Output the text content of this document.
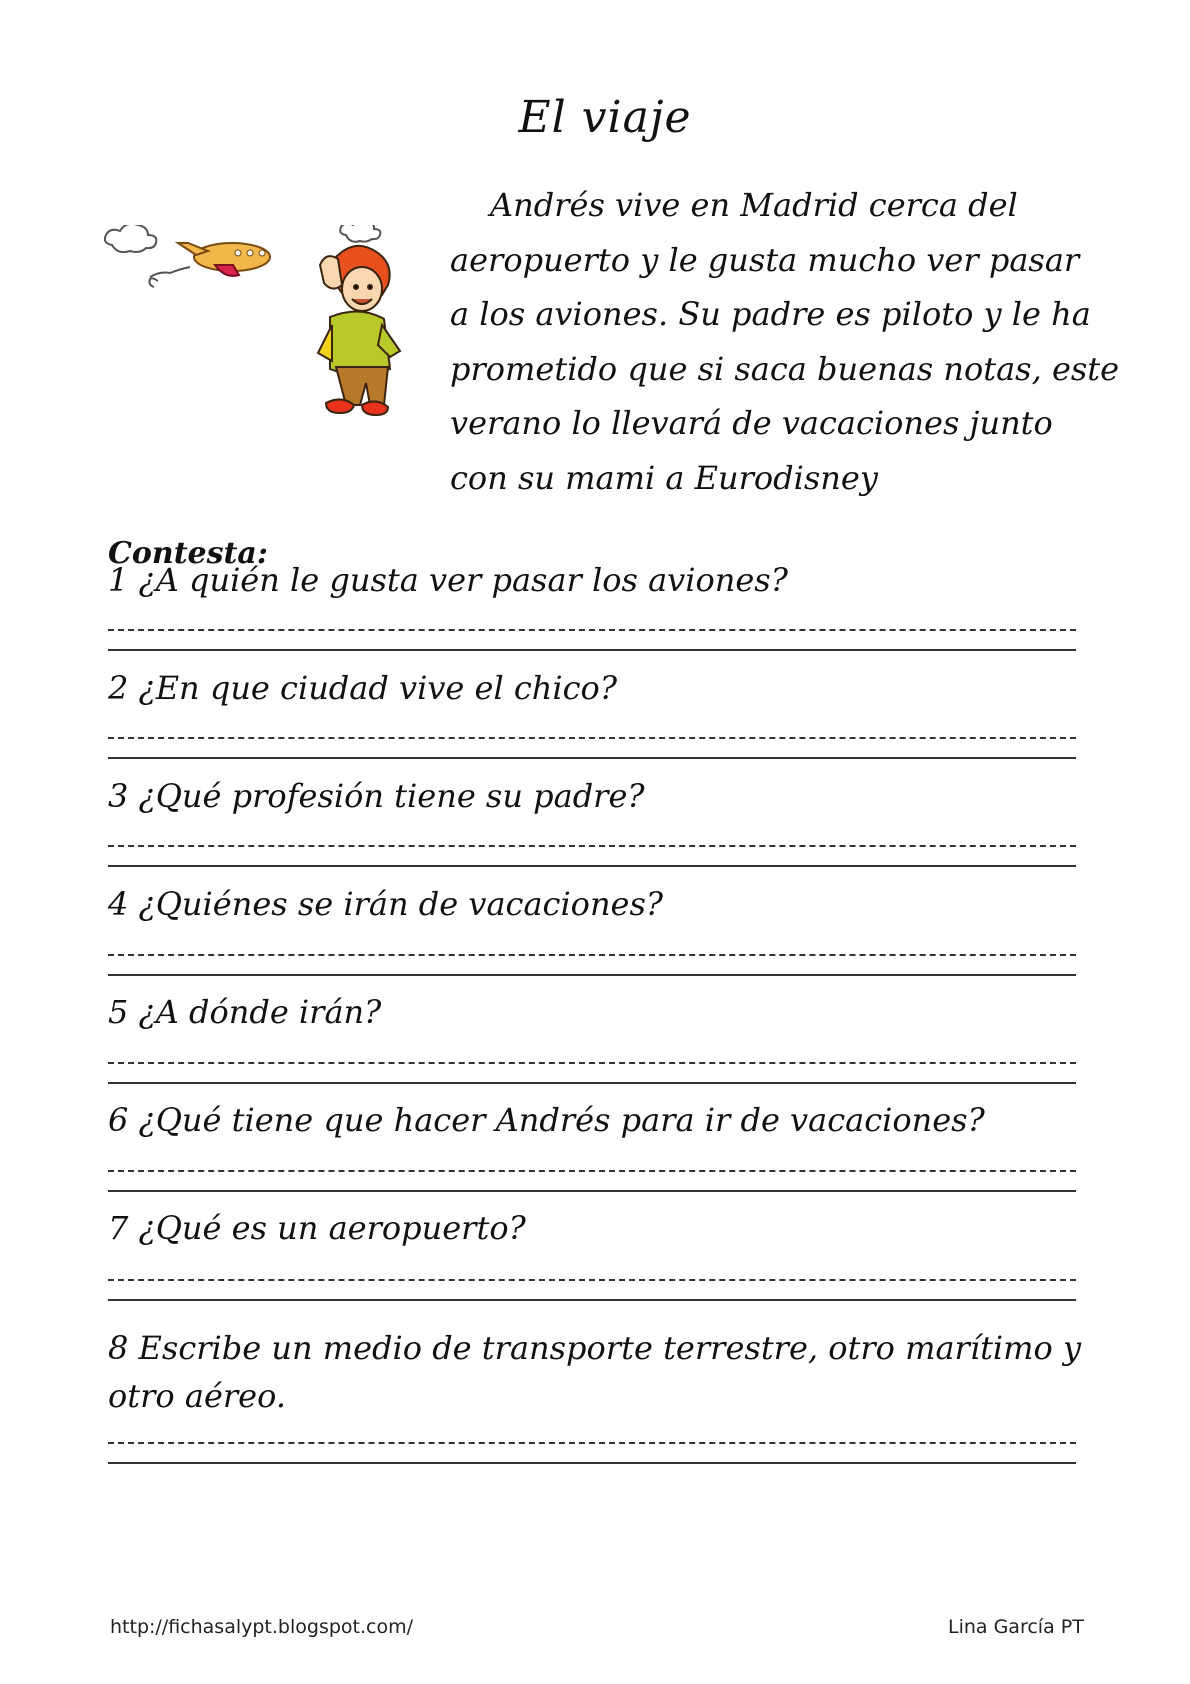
El viaje
Andrés vive en Madrid cerca del
aeropuerto y le gusta mucho ver pasar
a los aviones. Su padre es piloto y le ha
prometido que si saca buenas notas, este
verano lo llevará de vacaciones junto
con su mami a Eurodisney
Contesta:
1 ¿A quién le gusta ver pasar los aviones?
2 ¿En que ciudad vive el chico?
3 ¿Qué profesión tiene su padre?
4 ¿Quiénes se irán de vacaciones?
5 ¿A dónde irán?
6 ¿Qué tiene que hacer Andrés para ir de vacaciones?
7 ¿Qué es un aeropuerto?
8 Escribe un medio de transporte terrestre, otro marítimo y otro aéreo.
http://fichasalypt.blogspot.com/	Lina García PT
